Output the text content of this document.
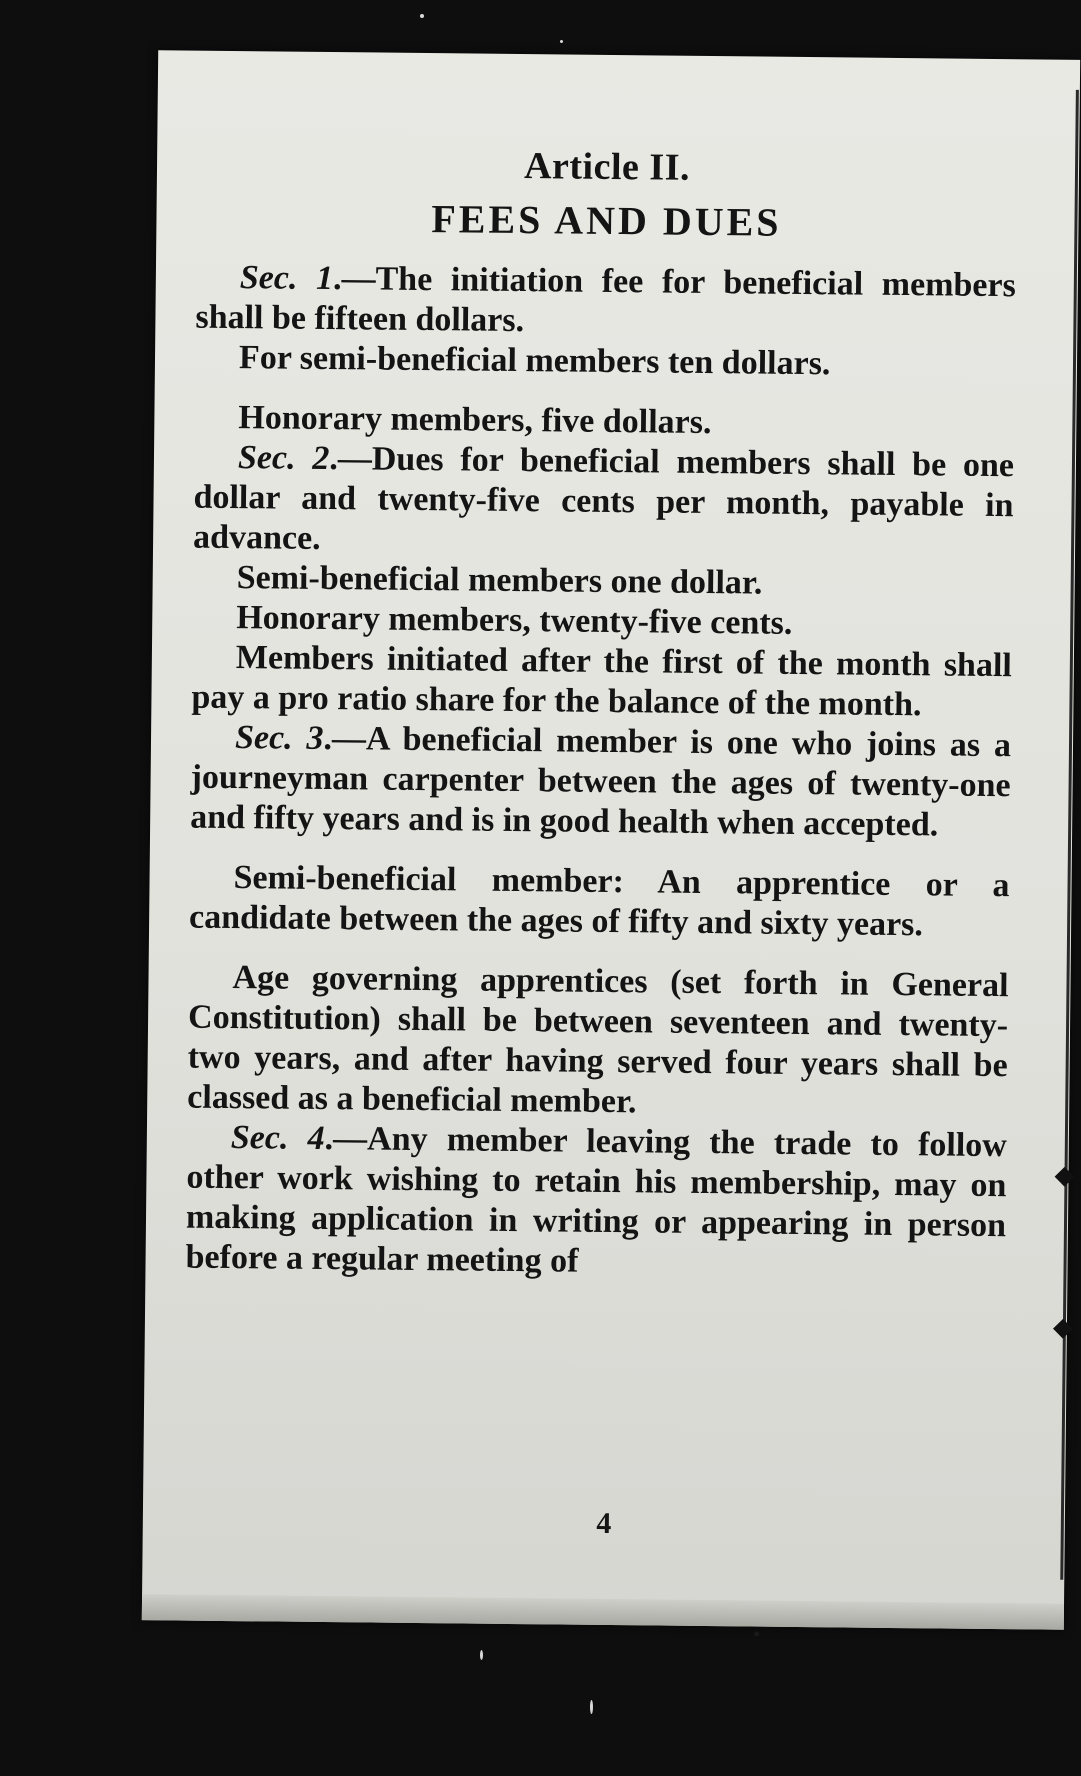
Article II.
FEES AND DUES

Sec. 1.—The initiation fee for beneficial members shall be fifteen dollars.

For semi-beneficial members ten dollars.

Honorary members, five dollars.

Sec. 2.—Dues for beneficial members shall be one dollar and twenty-five cents per month, payable in advance.

Semi-beneficial members one dollar.

Honorary members, twenty-five cents.

Members initiated after the first of the month shall pay a pro ratio share for the balance of the month.

Sec. 3.—A beneficial member is one who joins as a journeyman carpenter between the ages of twenty-one and fifty years and is in good health when accepted.

Semi-beneficial member: An apprentice or a candidate between the ages of fifty and sixty years.

Age governing apprentices (set forth in General Constitution) shall be between seventeen and twenty-two years, and after having served four years shall be classed as a beneficial member.

Sec. 4.—Any member leaving the trade to follow other work wishing to retain his membership, may on making application in writing or appearing in person before a regular meeting of

4
